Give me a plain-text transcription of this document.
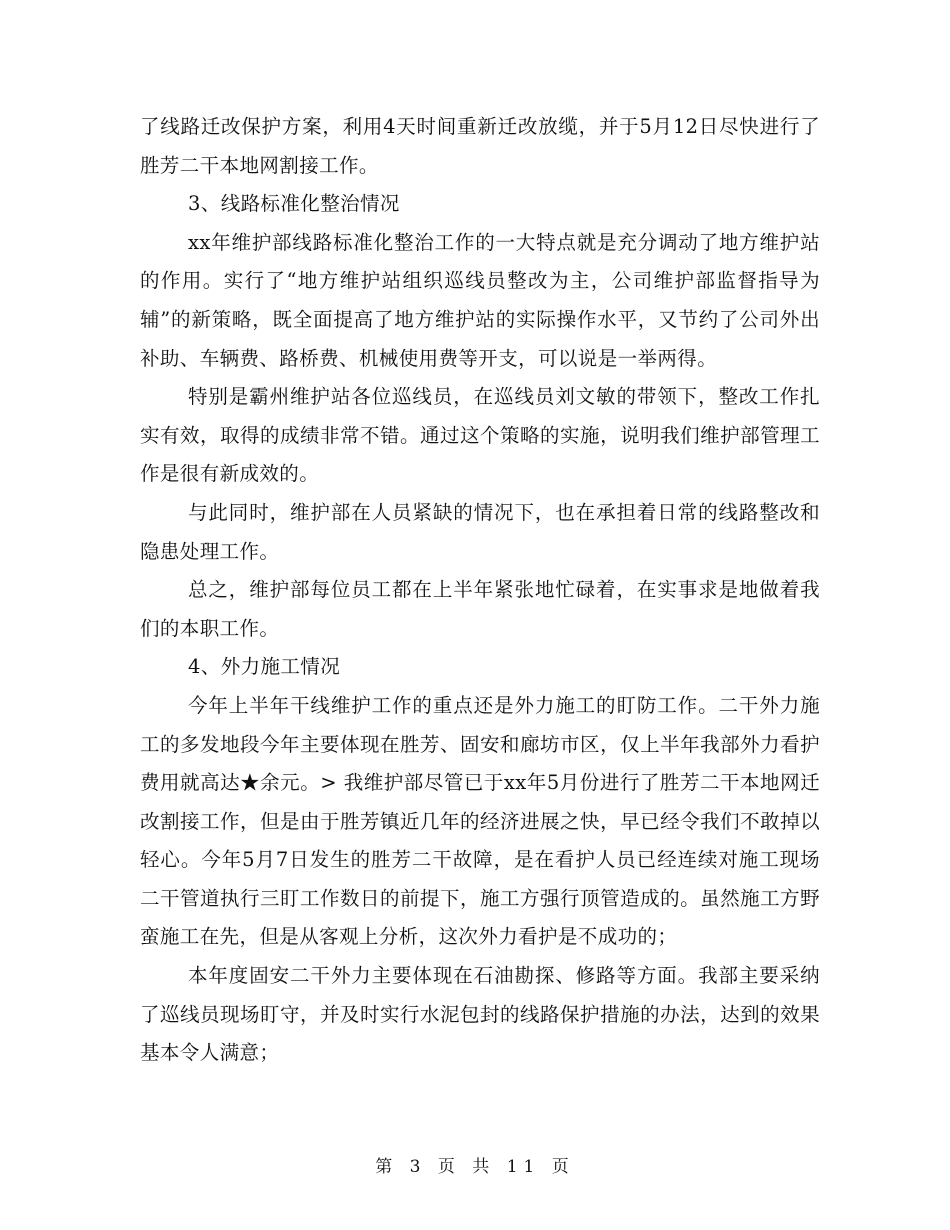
了线路迁改保护方案，利用4天时间重新迁改放缆，并于5月12日尽快进行了胜芳二干本地网割接工作。

3、线路标准化整治情况

xx年维护部线路标准化整治工作的一大特点就是充分调动了地方维护站的作用。实行了“地方维护站组织巡线员整改为主，公司维护部监督指导为辅”的新策略，既全面提高了地方维护站的实际操作水平，又节约了公司外出补助、车辆费、路桥费、机械使用费等开支，可以说是一举两得。

特别是霸州维护站各位巡线员，在巡线员刘文敏的带领下，整改工作扎实有效，取得的成绩非常不错。通过这个策略的实施，说明我们维护部管理工作是很有新成效的。

与此同时，维护部在人员紧缺的情况下，也在承担着日常的线路整改和隐患处理工作。

总之，维护部每位员工都在上半年紧张地忙碌着，在实事求是地做着我们的本职工作。

4、外力施工情况

今年上半年干线维护工作的重点还是外力施工的盯防工作。二干外力施工的多发地段今年主要体现在胜芳、固安和廊坊市区，仅上半年我部外力看护费用就高达★余元。> 我维护部尽管已于xx年5月份进行了胜芳二干本地网迁改割接工作，但是由于胜芳镇近几年的经济进展之快，早已经令我们不敢掉以轻心。今年5月7日发生的胜芳二干故障，是在看护人员已经连续对施工现场二干管道执行三盯工作数日的前提下，施工方强行顶管造成的。虽然施工方野蛮施工在先，但是从客观上分析，这次外力看护是不成功的；

本年度固安二干外力主要体现在石油勘探、修路等方面。我部主要采纳了巡线员现场盯守，并及时实行水泥包封的线路保护措施的办法，达到的效果基本令人满意；

第 3 页 共 11 页
